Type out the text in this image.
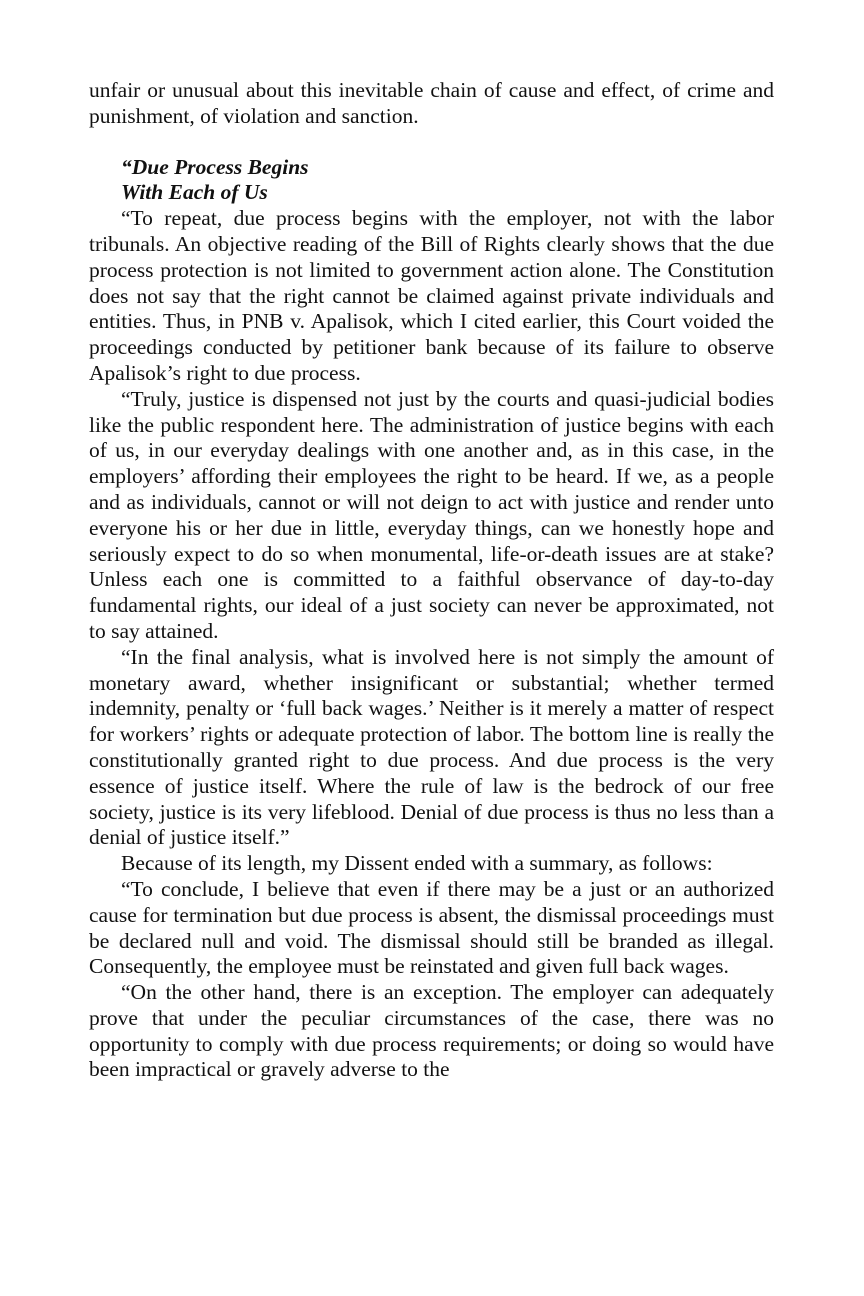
unfair or unusual about this inevitable chain of cause and effect, of crime and punishment, of violation and sanction.

“Due Process Begins
With Each of Us

“To repeat, due process begins with the employer, not with the labor tribunals. An objective reading of the Bill of Rights clearly shows that the due process protection is not limited to government action alone. The Constitution does not say that the right cannot be claimed against private individuals and entities. Thus, in PNB v. Apalisok, which I cited earlier, this Court voided the proceedings conducted by petitioner bank because of its failure to observe Apalisok’s right to due process.

“Truly, justice is dispensed not just by the courts and quasi-judicial bodies like the public respondent here. The administration of justice begins with each of us, in our everyday dealings with one another and, as in this case, in the employers’ affording their employees the right to be heard. If we, as a people and as individuals, cannot or will not deign to act with justice and render unto everyone his or her due in little, everyday things, can we honestly hope and seriously expect to do so when monumental, life-or-death issues are at stake? Unless each one is committed to a faithful observance of day-to-day fundamental rights, our ideal of a just society can never be approximated, not to say attained.

“In the final analysis, what is involved here is not simply the amount of monetary award, whether insignificant or substantial; whether termed indemnity, penalty or ‘full back wages.’ Neither is it merely a matter of respect for workers’ rights or adequate protection of labor. The bottom line is really the constitutionally granted right to due process. And due process is the very essence of justice itself. Where the rule of law is the bedrock of our free society, justice is its very lifeblood. Denial of due process is thus no less than a denial of justice itself.”

Because of its length, my Dissent ended with a summary, as follows:

“To conclude, I believe that even if there may be a just or an authorized cause for termination but due process is absent, the dismissal proceedings must be declared null and void. The dismissal should still be branded as illegal. Consequently, the employee must be reinstated and given full back wages.

“On the other hand, there is an exception. The employer can adequately prove that under the peculiar circumstances of the case, there was no opportunity to comply with due process requirements; or doing so would have been impractical or gravely adverse to the
